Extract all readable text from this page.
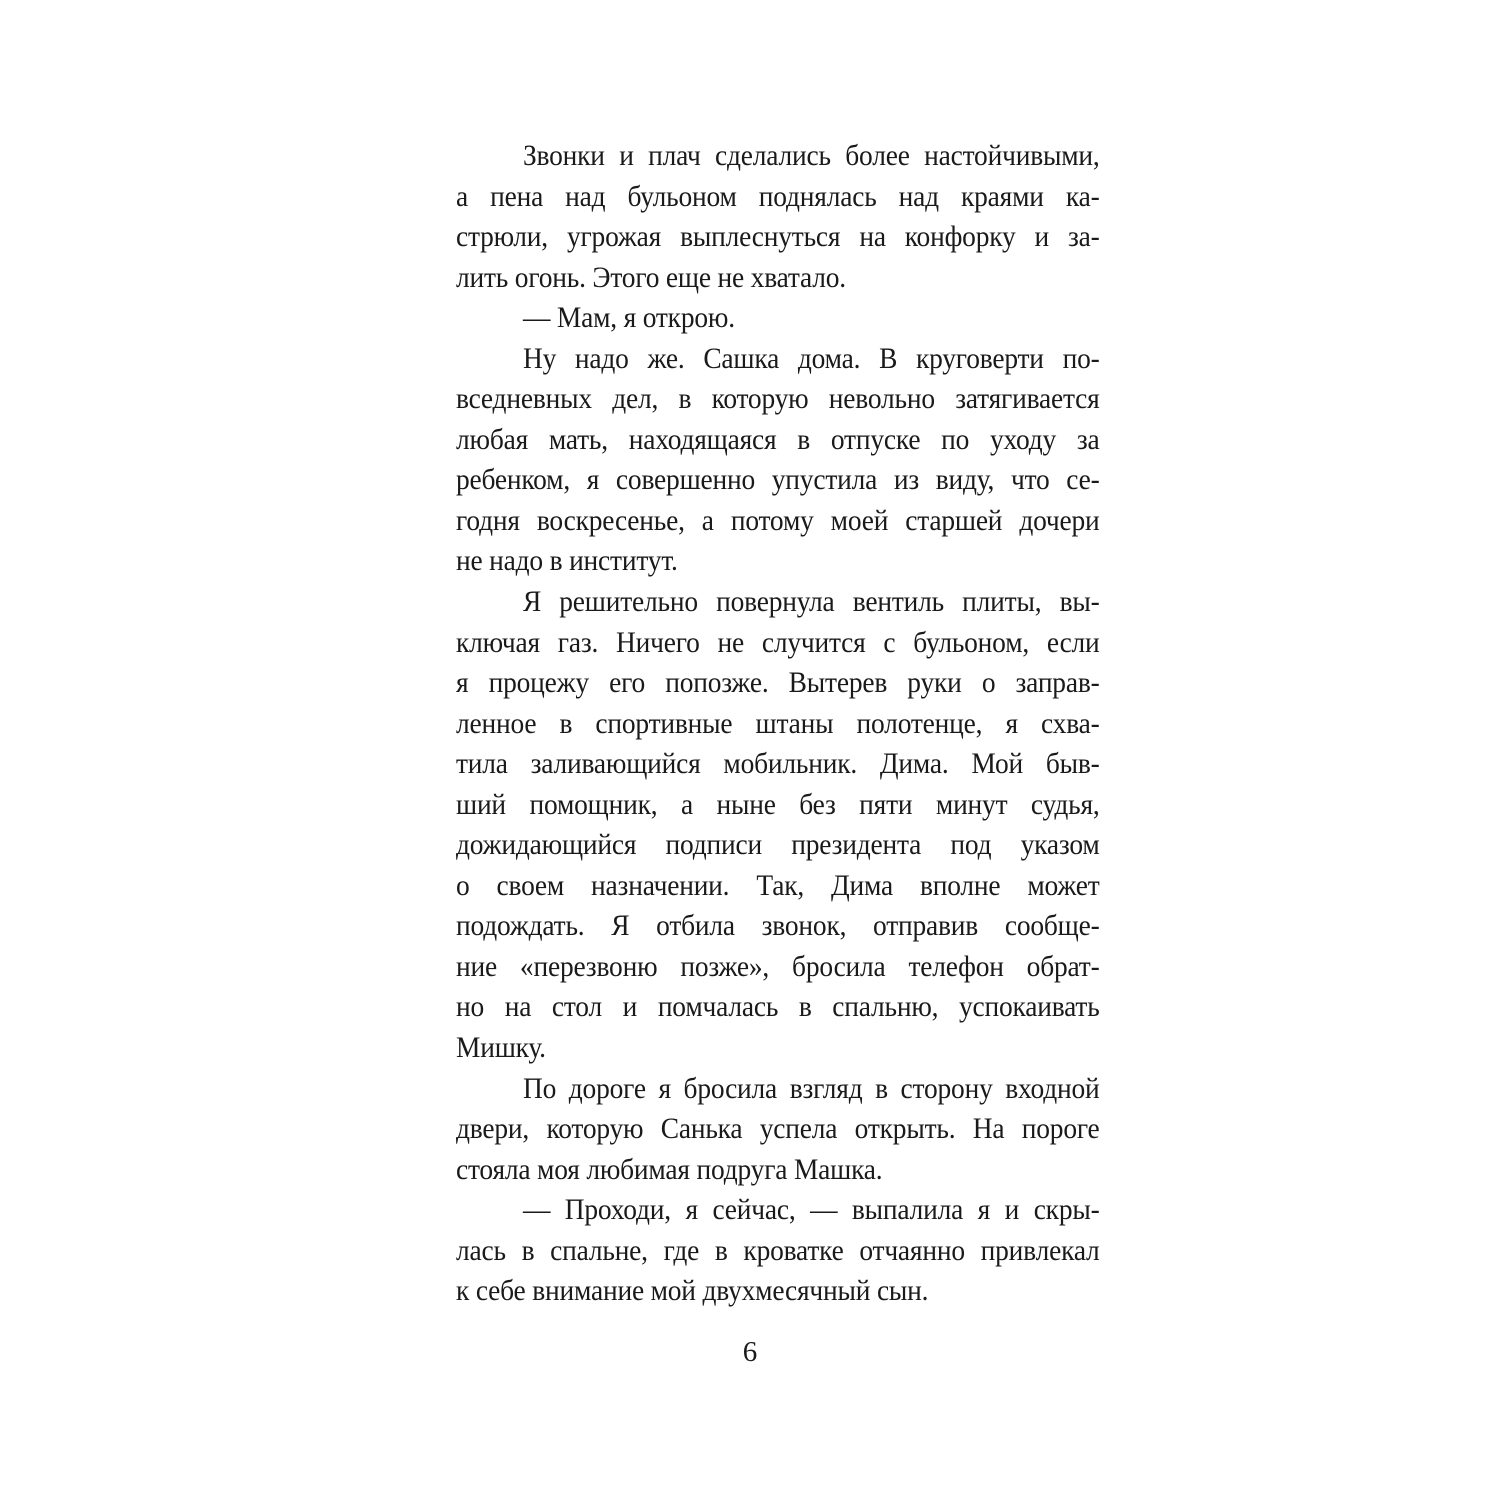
Звонки и плач сделались более настойчивыми,
а пена над бульоном поднялась над краями ка-
стрюли, угрожая выплеснуться на конфорку и за-
лить огонь. Этого еще не хватало.
— Мам, я открою.
Ну надо же. Сашка дома. В круговерти по-
вседневных дел, в которую невольно затягивается
любая мать, находящаяся в отпуске по уходу за
ребенком, я совершенно упустила из виду, что се-
годня воскресенье, а потому моей старшей дочери
не надо в институт.
Я решительно повернула вентиль плиты, вы-
ключая газ. Ничего не случится с бульоном, если
я процежу его попозже. Вытерев руки о заправ-
ленное в спортивные штаны полотенце, я схва-
тила заливающийся мобильник. Дима. Мой быв-
ший помощник, а ныне без пяти минут судья,
дожидающийся подписи президента под указом
о своем назначении. Так, Дима вполне может
подождать. Я отбила звонок, отправив сообще-
ние «перезвоню позже», бросила телефон обрат-
но на стол и помчалась в спальню, успокаивать
Мишку.
По дороге я бросила взгляд в сторону входной
двери, которую Санька успела открыть. На пороге
стояла моя любимая подруга Машка.
— Проходи, я сейчас, — выпалила я и скры-
лась в спальне, где в кроватке отчаянно привлекал
к себе внимание мой двухмесячный сын.
6
